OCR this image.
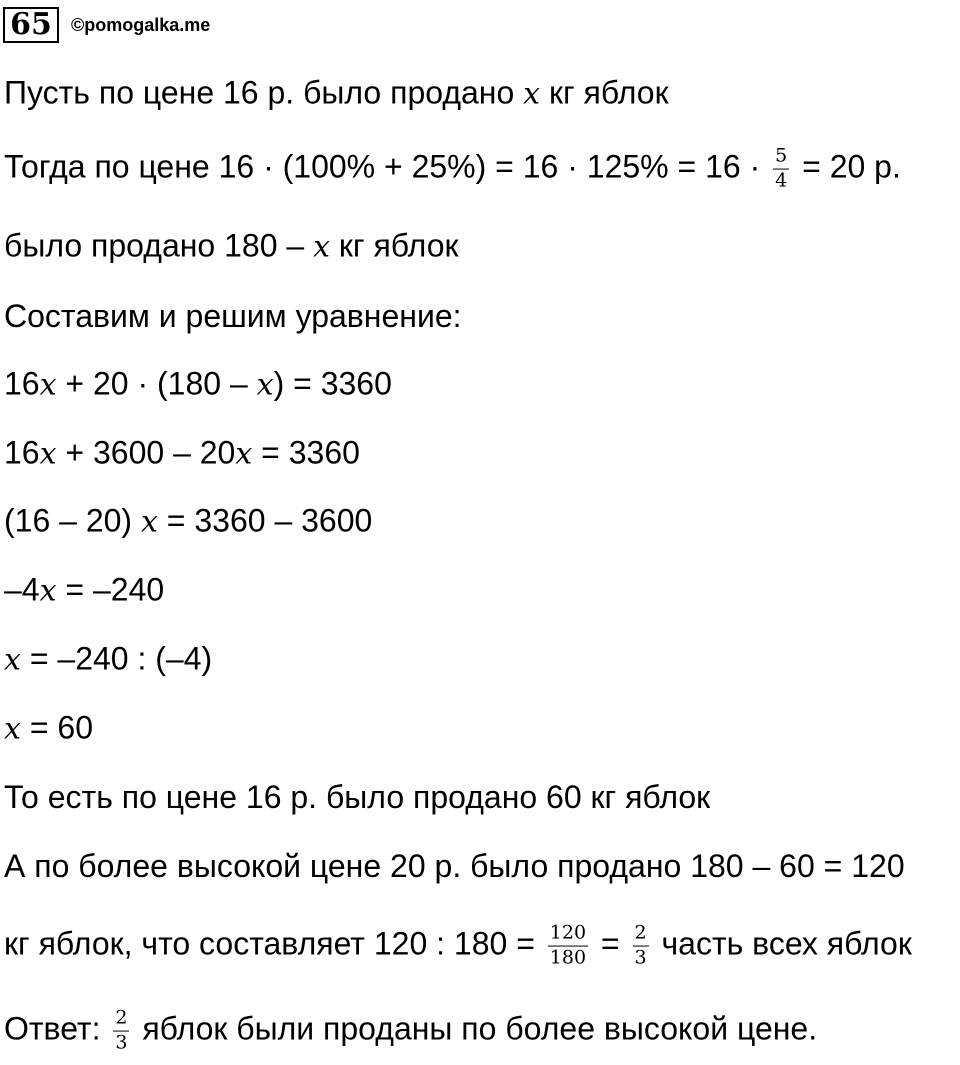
65	©pomogalka.me
Пусть по цене 16 р. было продано x кг яблок
Тогда по цене $16 \cdot (100\% + 25\%) = 16 \cdot 125\% = 16 \cdot \frac{5}{4} = 20$ р.
было продано 180 – x кг яблок
Составим и решим уравнение:
16x + 20 · (180 – x) = 3360
16x + 3600 – 20x = 3360
(16 – 20) x = 3360 – 3600
–4x = –240
x = –240 : (–4)
x = 60
То есть по цене 16 р. было продано 60 кг яблок
А по более высокой цене 20 р. было продано 180 – 60 = 120
кг яблок, что составляет 120 : $180 = \frac{120}{180} = \frac{2}{3}$ часть всех яблок
Ответ: $\frac{2}{3}$ яблок были проданы по более высокой цене.
